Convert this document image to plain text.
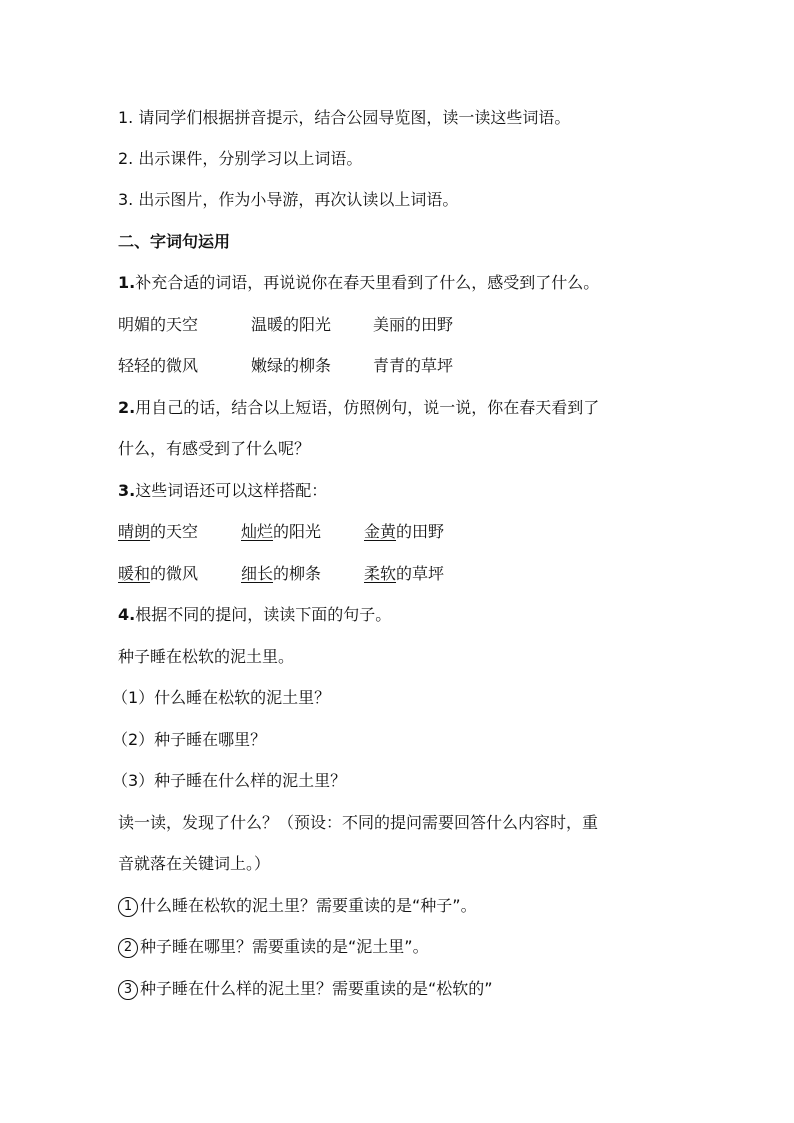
1. 请同学们根据拼音提示，结合公园导览图，读一读这些词语。
2. 出示课件，分别学习以上词语。
3. 出示图片，作为小导游，再次认读以上词语。
二、字词句运用
1.补充合适的词语，再说说你在春天里看到了什么，感受到了什么。
明媚的天空	温暖的阳光	美丽的田野
轻轻的微风	嫩绿的柳条	青青的草坪
2.用自己的话，结合以上短语，仿照例句，说一说，你在春天看到了
什么，有感受到了什么呢？
3.这些词语还可以这样搭配：
晴朗的天空	灿烂的阳光	金黄的田野
暖和的微风	细长的柳条	柔软的草坪
4.根据不同的提问，读读下面的句子。
种子睡在松软的泥土里。
（1）什么睡在松软的泥土里？
（2）种子睡在哪里？
（3）种子睡在什么样的泥土里？
读一读，发现了什么？（预设：不同的提问需要回答什么内容时，重
音就落在关键词上。）
1 什么睡在松软的泥土里？需要重读的是“种子”。
2 种子睡在哪里？需要重读的是“泥土里”。
3 种子睡在什么样的泥土里？需要重读的是“松软的”
